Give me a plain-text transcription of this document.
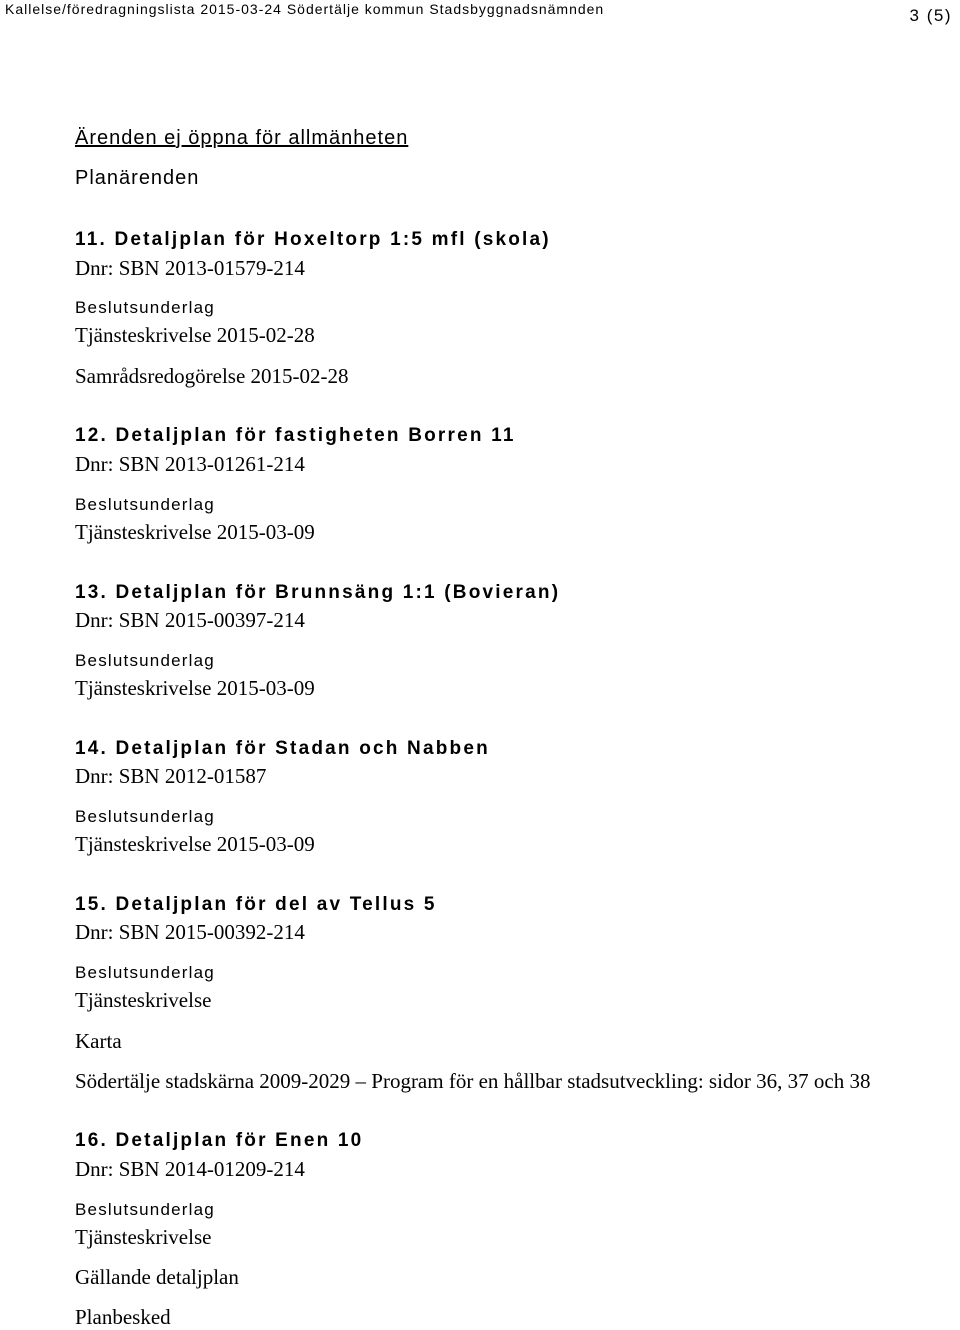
Kallelse/föredragningslista 2015-03-24 Södertälje kommun Stadsbyggnadsnämnden	3 (5)
Ärenden ej öppna för allmänheten
Planärenden
11. Detaljplan för Hoxeltorp 1:5 mfl (skola)
Dnr: SBN 2013-01579-214
Beslutsunderlag
Tjänsteskrivelse 2015-02-28
Samrådsredogörelse 2015-02-28
12. Detaljplan för fastigheten Borren 11
Dnr: SBN 2013-01261-214
Beslutsunderlag
Tjänsteskrivelse 2015-03-09
13. Detaljplan för Brunnsäng 1:1 (Bovieran)
Dnr: SBN 2015-00397-214
Beslutsunderlag
Tjänsteskrivelse 2015-03-09
14. Detaljplan för Stadan och Nabben
Dnr: SBN 2012-01587
Beslutsunderlag
Tjänsteskrivelse 2015-03-09
15. Detaljplan för del av Tellus 5
Dnr: SBN 2015-00392-214
Beslutsunderlag
Tjänsteskrivelse
Karta
Södertälje stadskärna 2009-2029 – Program för en hållbar stadsutveckling: sidor 36, 37 och 38
16. Detaljplan för Enen 10
Dnr: SBN 2014-01209-214
Beslutsunderlag
Tjänsteskrivelse
Gällande detaljplan
Planbesked
